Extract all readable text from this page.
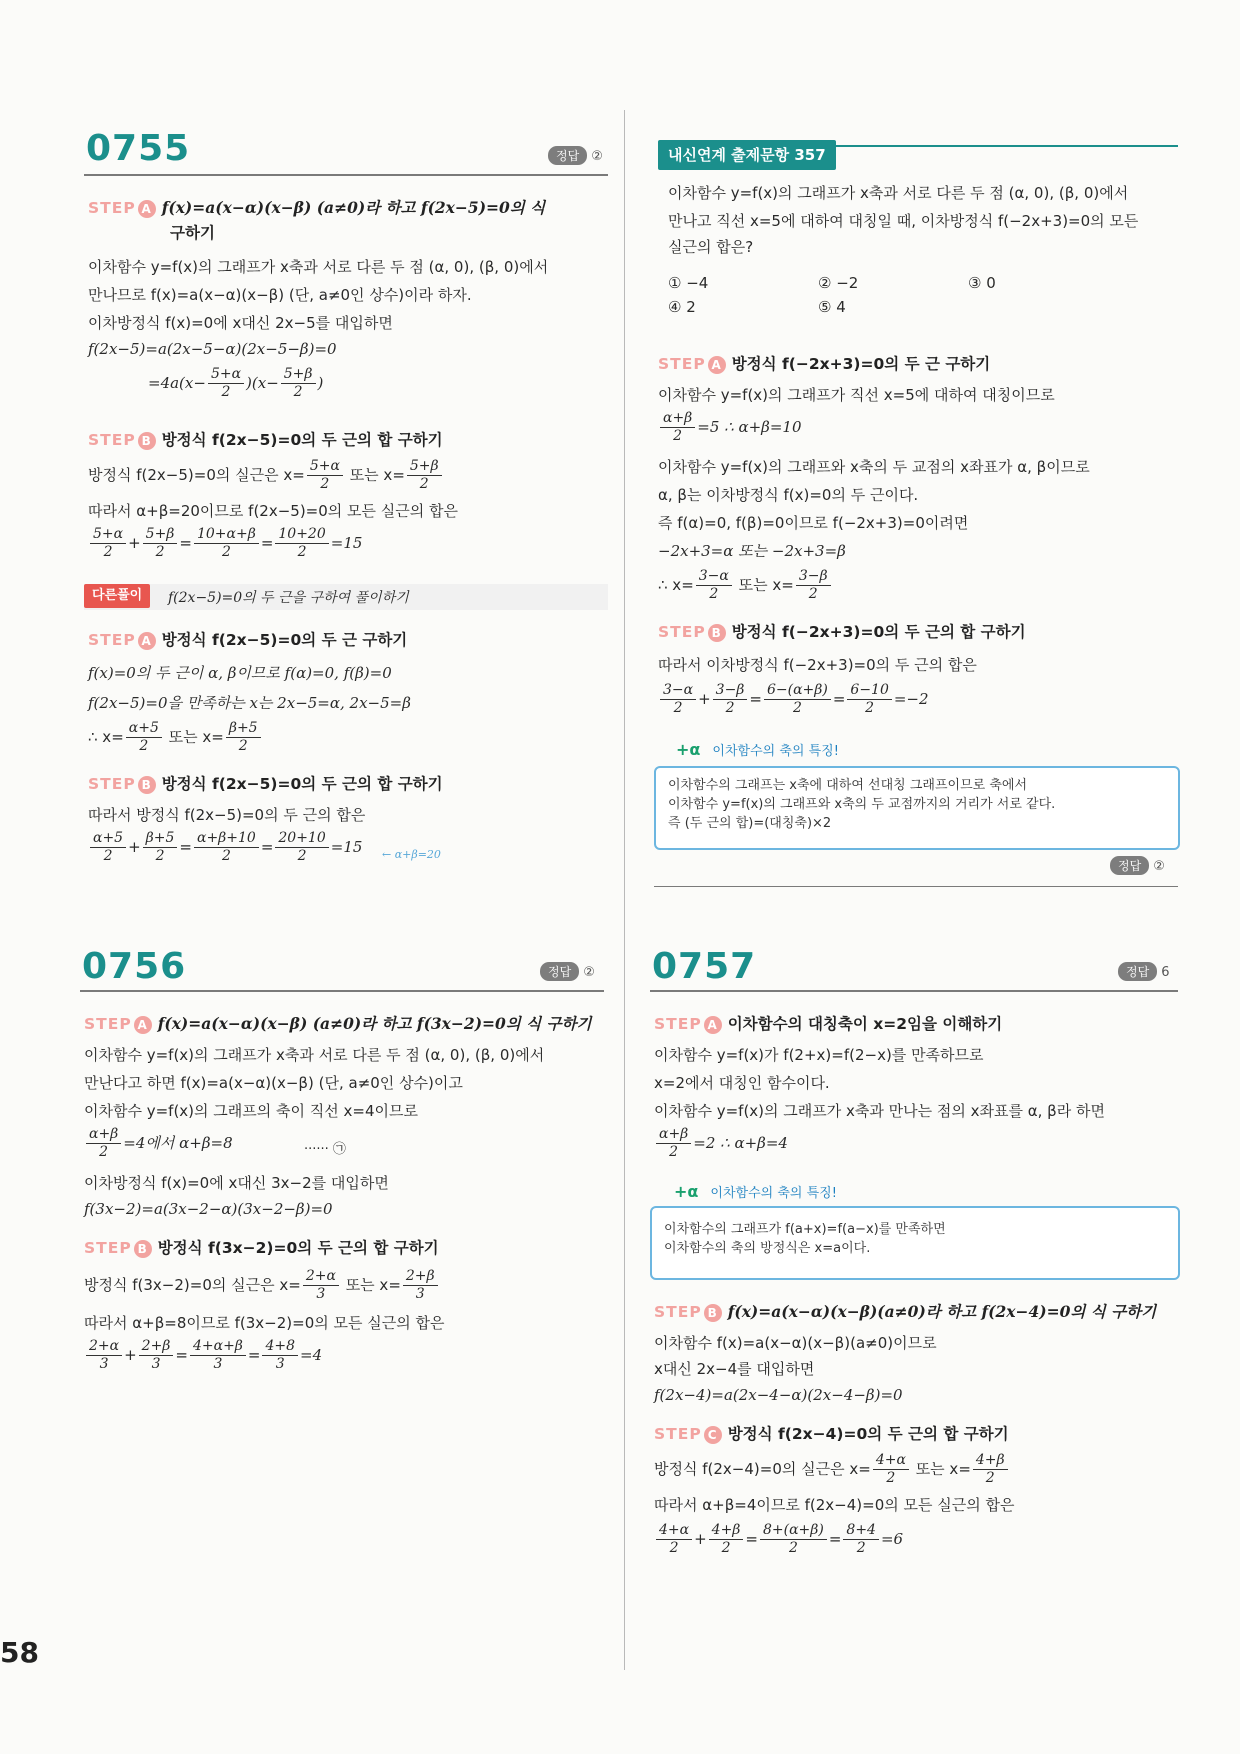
0755	정답 ②
STEP A f(x)=a(x−α)(x−β) (a≠0)라 하고 f(2x−5)=0의 식
구하기
이차함수 y=f(x)의 그래프가 x축과 서로 다른 두 점 (α, 0), (β, 0)에서
만나므로 f(x)=a(x−α)(x−β) (단, a≠0인 상수)이라 하자.
이차방정식 f(x)=0에 x대신 2x−5를 대입하면
f(2x−5)=a(2x−5−α)(2x−5−β)=0
$=4a(x- \frac{5+\alpha}{2} )(x- \frac{5+\beta}{2}$ )
STEP B 방정식 f(2x−5)=0의 두 근의 합 구하기
방정식 f(2x−5)=0의 실근은 $x= \frac{5+\alpha}{2}$ 또는 $x= \frac{5+\beta}{2}$
따라서 α+β=20이므로 f(2x−5)=0의 모든 실근의 합은
$\frac{5+\alpha}{2} + \frac{5+\beta}{2} = \frac{10+\alpha+\beta}{2} = \frac{10+20}{2} =15$
다른풀이	f(2x−5)=0의 두 근을 구하여 풀이하기
STEP A 방정식 f(2x−5)=0의 두 근 구하기
f(x)=0의 두 근이 α, β이므로 f(α)=0, f(β)=0
f(2x−5)=0을 만족하는 x는 2x−5=α, 2x−5=β
∴ $x= \frac{\alpha+5}{2}$ 또는 $x= \frac{\beta+5}{2}$
STEP B 방정식 f(2x−5)=0의 두 근의 합 구하기
따라서 방정식 f(2x−5)=0의 두 근의 합은
$\frac{\alpha+5}{2} + \frac{\beta+5}{2} = \frac{\alpha+\beta+10}{2} = \frac{20+10}{2} =15$ ← α+β=20
내신연계 출제문항 357
이차함수 y=f(x)의 그래프가 x축과 서로 다른 두 점 (α, 0), (β, 0)에서
만나고 직선 x=5에 대하여 대칭일 때, 이차방정식 f(−2x+3)=0의 모든
실근의 합은?
① −4	② −2	③ 0
④ 2	⑤ 4
STEP A 방정식 f(−2x+3)=0의 두 근 구하기
이차함수 y=f(x)의 그래프가 직선 x=5에 대하여 대칭이므로
$\frac{\alpha+\beta}{2} =5$ ∴ α+β=10
이차함수 y=f(x)의 그래프와 x축의 두 교점의 x좌표가 α, β이므로
α, β는 이차방정식 f(x)=0의 두 근이다.
즉 f(α)=0, f(β)=0이므로 f(−2x+3)=0이려면
−2x+3=α 또는 −2x+3=β
∴ $x= \frac{3-\alpha}{2}$ 또는 $x= \frac{3-\beta}{2}$
STEP B 방정식 f(−2x+3)=0의 두 근의 합 구하기
따라서 이차방정식 f(−2x+3)=0의 두 근의 합은
$\frac{3-\alpha}{2} + \frac{3-\beta}{2} = \frac{6-(\alpha+\beta)}{2} = \frac{6-10}{2} =-2$
+α 이차함수의 축의 특징!
이차함수의 그래프는 x축에 대하여 선대칭 그래프이므로 축에서
이차함수 y=f(x)의 그래프와 x축의 두 교점까지의 거리가 서로 같다.
즉 (두 근의 합)=(대칭축)×2
정답 ②
0756	정답 ②
STEP A f(x)=a(x−α)(x−β) (a≠0)라 하고 f(3x−2)=0의 식 구하기
이차함수 y=f(x)의 그래프가 x축과 서로 다른 두 점 (α, 0), (β, 0)에서
만난다고 하면 f(x)=a(x−α)(x−β) (단, a≠0인 상수)이고
이차함수 y=f(x)의 그래프의 축이 직선 x=4이므로
$\frac{\alpha+\beta}{2} =4$에서 α+β=8	······ ㉠
이차방정식 f(x)=0에 x대신 3x−2를 대입하면
f(3x−2)=a(3x−2−α)(3x−2−β)=0
STEP B 방정식 f(3x−2)=0의 두 근의 합 구하기
방정식 f(3x−2)=0의 실근은 $x= \frac{2+\alpha}{3}$ 또는 $x= \frac{2+\beta}{3}$
따라서 α+β=8이므로 f(3x−2)=0의 모든 실근의 합은
$\frac{2+\alpha}{3} + \frac{2+\beta}{3} = \frac{4+\alpha+\beta}{3} = \frac{4+8}{3} =4$
0757	정답 6
STEP A 이차함수의 대칭축이 x=2임을 이해하기
이차함수 y=f(x)가 f(2+x)=f(2−x)를 만족하므로
x=2에서 대칭인 함수이다.
이차함수 y=f(x)의 그래프가 x축과 만나는 점의 x좌표를 α, β라 하면
$\frac{\alpha+\beta}{2} =2$ ∴ α+β=4
+α 이차함수의 축의 특징!
이차함수의 그래프가 f(a+x)=f(a−x)를 만족하면
이차함수의 축의 방정식은 x=a이다.
STEP B f(x)=a(x−α)(x−β)(a≠0)라 하고 f(2x−4)=0의 식 구하기
이차함수 f(x)=a(x−α)(x−β)(a≠0)이므로
x대신 2x−4를 대입하면
f(2x−4)=a(2x−4−α)(2x−4−β)=0
STEP C 방정식 f(2x−4)=0의 두 근의 합 구하기
방정식 f(2x−4)=0의 실근은 $x= \frac{4+\alpha}{2}$ 또는 $x= \frac{4+\beta}{2}$
따라서 α+β=4이므로 f(2x−4)=0의 모든 실근의 합은
$\frac{4+\alpha}{2} + \frac{4+\beta}{2} = \frac{8+(\alpha+\beta)}{2} = \frac{8+4}{2} =6$
58
